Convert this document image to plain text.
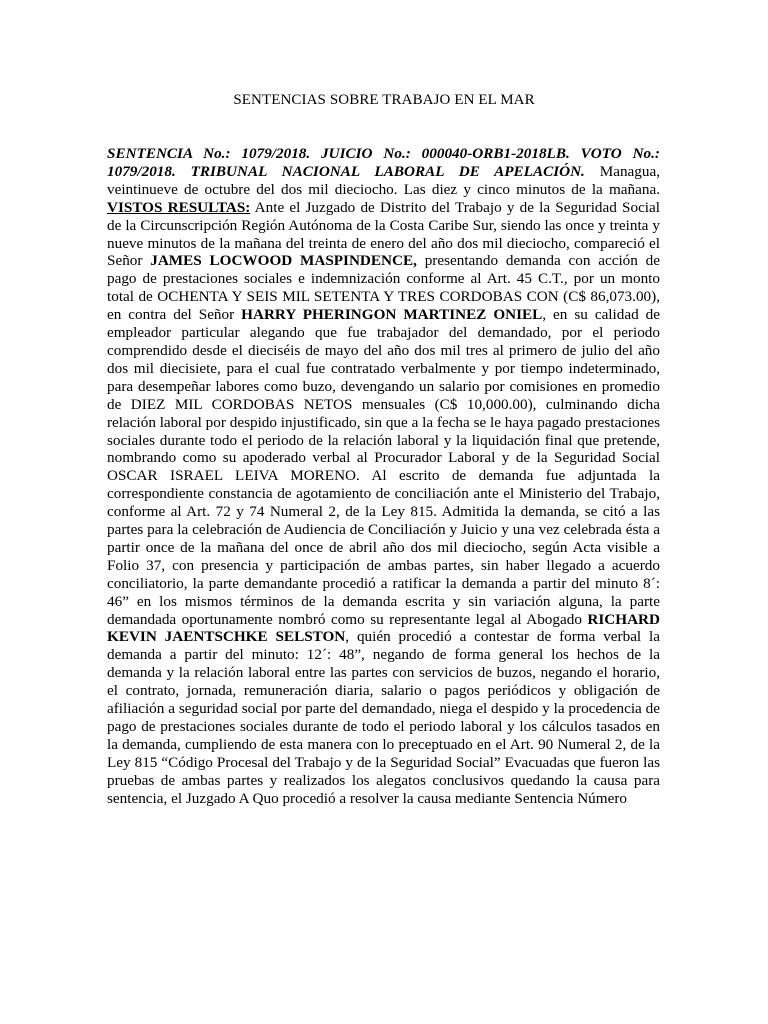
SENTENCIAS SOBRE TRABAJO EN EL MAR
SENTENCIA No.: 1079/2018. JUICIO No.: 000040-ORB1-2018LB. VOTO No.: 1079/2018. TRIBUNAL NACIONAL LABORAL DE APELACIÓN. Managua, veintinueve de octubre del dos mil dieciocho. Las diez y cinco minutos de la mañana. VISTOS RESULTAS: Ante el Juzgado de Distrito del Trabajo y de la Seguridad Social de la Circunscripción Región Autónoma de la Costa Caribe Sur, siendo las once y treinta y nueve minutos de la mañana del treinta de enero del año dos mil dieciocho, compareció el Señor JAMES LOCWOOD MASPINDENCE, presentando demanda con acción de pago de prestaciones sociales e indemnización conforme al Art. 45 C.T., por un monto total de OCHENTA Y SEIS MIL SETENTA Y TRES CORDOBAS CON (C$ 86,073.00), en contra del Señor HARRY PHERINGON MARTINEZ ONIEL, en su calidad de empleador particular alegando que fue trabajador del demandado, por el periodo comprendido desde el dieciséis de mayo del año dos mil tres al primero de julio del año dos mil diecisiete, para el cual fue contratado verbalmente y por tiempo indeterminado, para desempeñar labores como buzo, devengando un salario por comisiones en promedio de DIEZ MIL CORDOBAS NETOS mensuales (C$ 10,000.00), culminando dicha relación laboral por despido injustificado, sin que a la fecha se le haya pagado prestaciones sociales durante todo el periodo de la relación laboral y la liquidación final que pretende, nombrando como su apoderado verbal al Procurador Laboral y de la Seguridad Social OSCAR ISRAEL LEIVA MORENO. Al escrito de demanda fue adjuntada la correspondiente constancia de agotamiento de conciliación ante el Ministerio del Trabajo, conforme al Art. 72 y 74 Numeral 2, de la Ley 815. Admitida la demanda, se citó a las partes para la celebración de Audiencia de Conciliación y Juicio y una vez celebrada ésta a partir once de la mañana del once de abril año dos mil dieciocho, según Acta visible a Folio 37, con presencia y participación de ambas partes, sin haber llegado a acuerdo conciliatorio, la parte demandante procedió a ratificar la demanda a partir del minuto 8´: 46” en los mismos términos de la demanda escrita y sin variación alguna, la parte demandada oportunamente nombró como su representante legal al Abogado RICHARD KEVIN JAENTSCHKE SELSTON, quién procedió a contestar de forma verbal la demanda a partir del minuto: 12´: 48”, negando de forma general los hechos de la demanda y la relación laboral entre las partes con servicios de buzos, negando el horario, el contrato, jornada, remuneración diaria, salario o pagos periódicos y obligación de afiliación a seguridad social por parte del demandado, niega el despido y la procedencia de pago de prestaciones sociales durante de todo el periodo laboral y los cálculos tasados en la demanda, cumpliendo de esta manera con lo preceptuado en el Art. 90 Numeral 2, de la Ley 815 “Código Procesal del Trabajo y de la Seguridad Social” Evacuadas que fueron las pruebas de ambas partes y realizados los alegatos conclusivos quedando la causa para sentencia, el Juzgado A Quo procedió a resolver la causa mediante Sentencia Número
